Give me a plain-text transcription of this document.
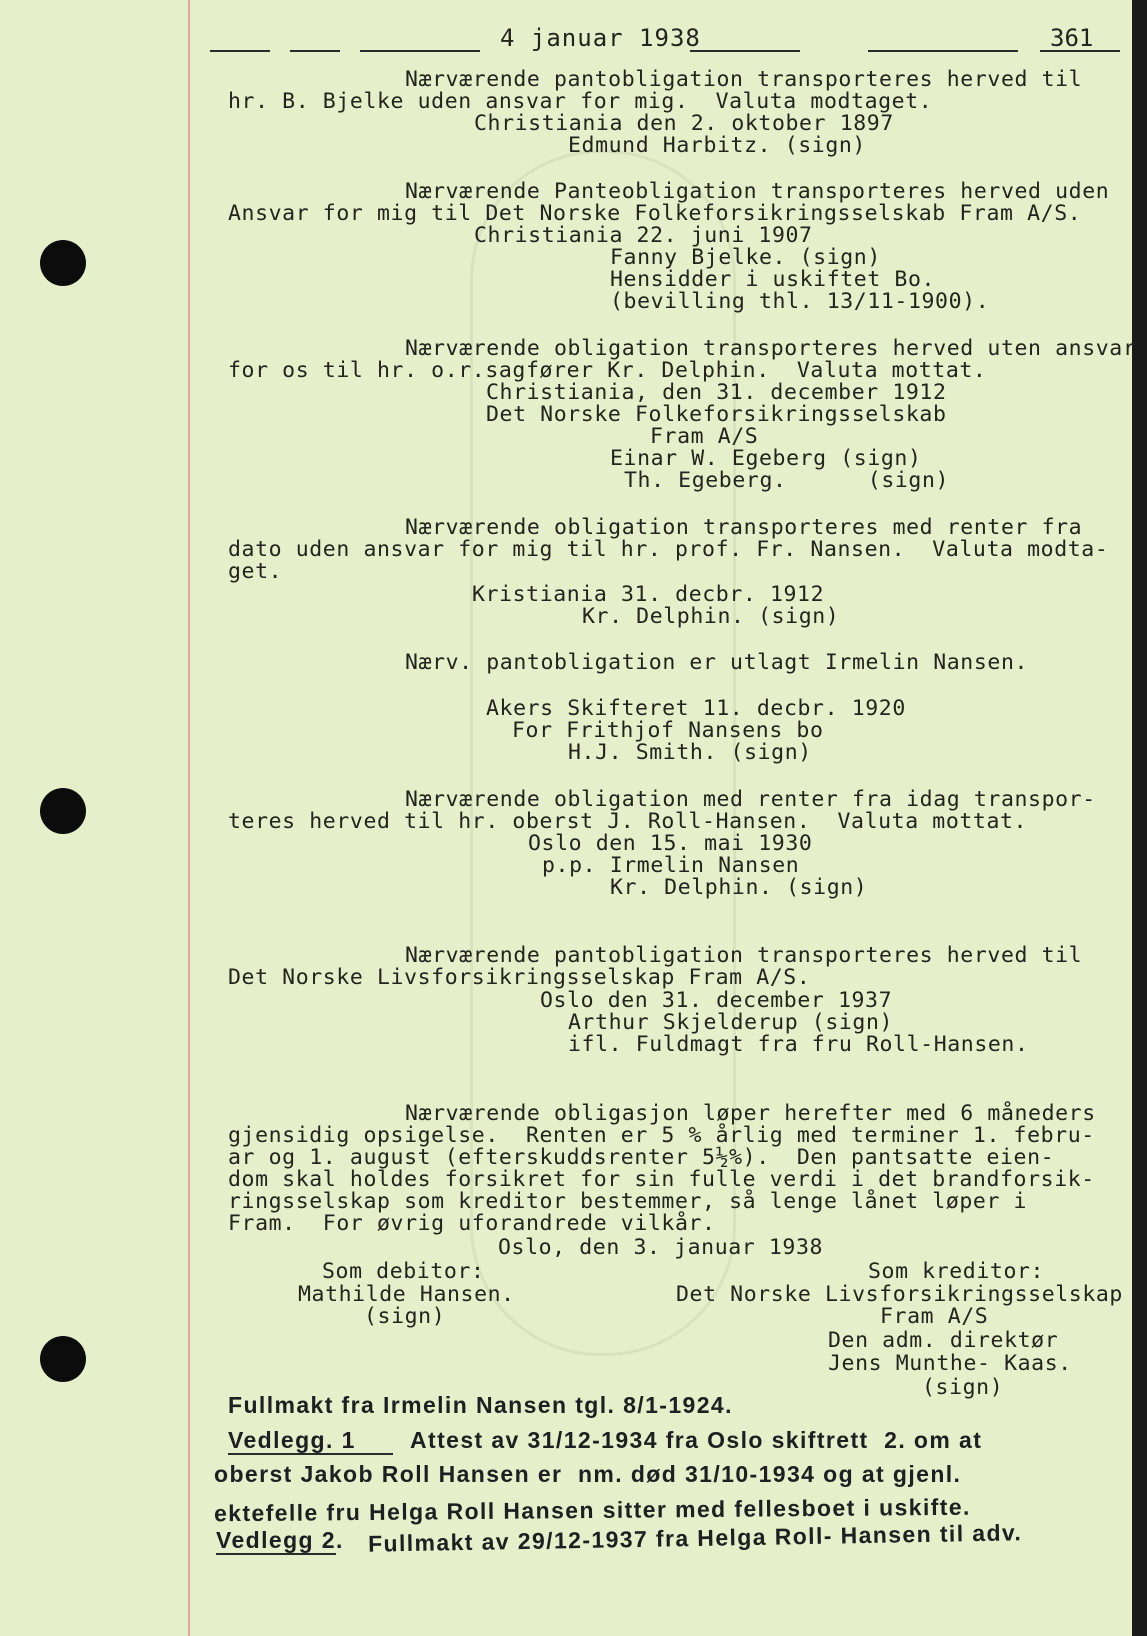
4 januar 1938	361
Nærværende pantobligation transporteres herved til
hr. B. Bjelke uden ansvar for mig.  Valuta modtaget.
Christiania den 2. oktober 1897
Edmund Harbitz. (sign)
Nærværende Panteobligation transporteres herved uden
Ansvar for mig til Det Norske Folkeforsikringsselskab Fram A/S.
Christiania 22. juni 1907
Fanny Bjelke. (sign)
Hensidder i uskiftet Bo.
(bevilling thl. 13/11-1900).
Nærværende obligation transporteres herved uten ansvar
for os til hr. o.r.sagfører Kr. Delphin.  Valuta mottat.
Christiania, den 31. december 1912
Det Norske Folkeforsikringsselskab
Fram A/S
Einar W. Egeberg (sign)
Th. Egeberg.      (sign)
Nærværende obligation transporteres med renter fra
dato uden ansvar for mig til hr. prof. Fr. Nansen.  Valuta modta-
get.
Kristiania 31. decbr. 1912
Kr. Delphin. (sign)
Nærv. pantobligation er utlagt Irmelin Nansen.
Akers Skifteret 11. decbr. 1920
For Frithjof Nansens bo
H.J. Smith. (sign)
Nærværende obligation med renter fra idag transpor-
teres herved til hr. oberst J. Roll-Hansen.  Valuta mottat.
Oslo den 15. mai 1930
p.p. Irmelin Nansen
Kr. Delphin. (sign)
Nærværende pantobligation transporteres herved til
Det Norske Livsforsikringsselskap Fram A/S.
Oslo den 31. december 1937
Arthur Skjelderup (sign)
ifl. Fuldmagt fra fru Roll-Hansen.
Nærværende obligasjon løper herefter med 6 måneders
gjensidig opsigelse.  Renten er 5 % årlig med terminer 1. febru-
ar og 1. august (efterskuddsrenter 5½%).  Den pantsatte eien-
dom skal holdes forsikret for sin fulle verdi i det brandforsik-
ringsselskap som kreditor bestemmer, så lenge lånet løper i
Fram.  For øvrig uforandrede vilkår.
Oslo, den 3. januar 1938
Som debitor:	Som kreditor:
Mathilde Hansen.	Det Norske Livsforsikringsselskap
(sign)	Fram A/S
Den adm. direktør
Jens Munthe- Kaas.
(sign)
Fullmakt fra Irmelin Nansen tgl. 8/1-1924.
Vedlegg. 1 Attest av 31/12-1934 fra Oslo skiftrett  2. om at
oberst Jakob Roll Hansen er  nm. død 31/10-1934 og at gjenl.
ektefelle fru Helga Roll Hansen sitter med fellesboet i uskifte.
Vedlegg 2. Fullmakt av 29/12-1937 fra Helga Roll- Hansen til adv.
